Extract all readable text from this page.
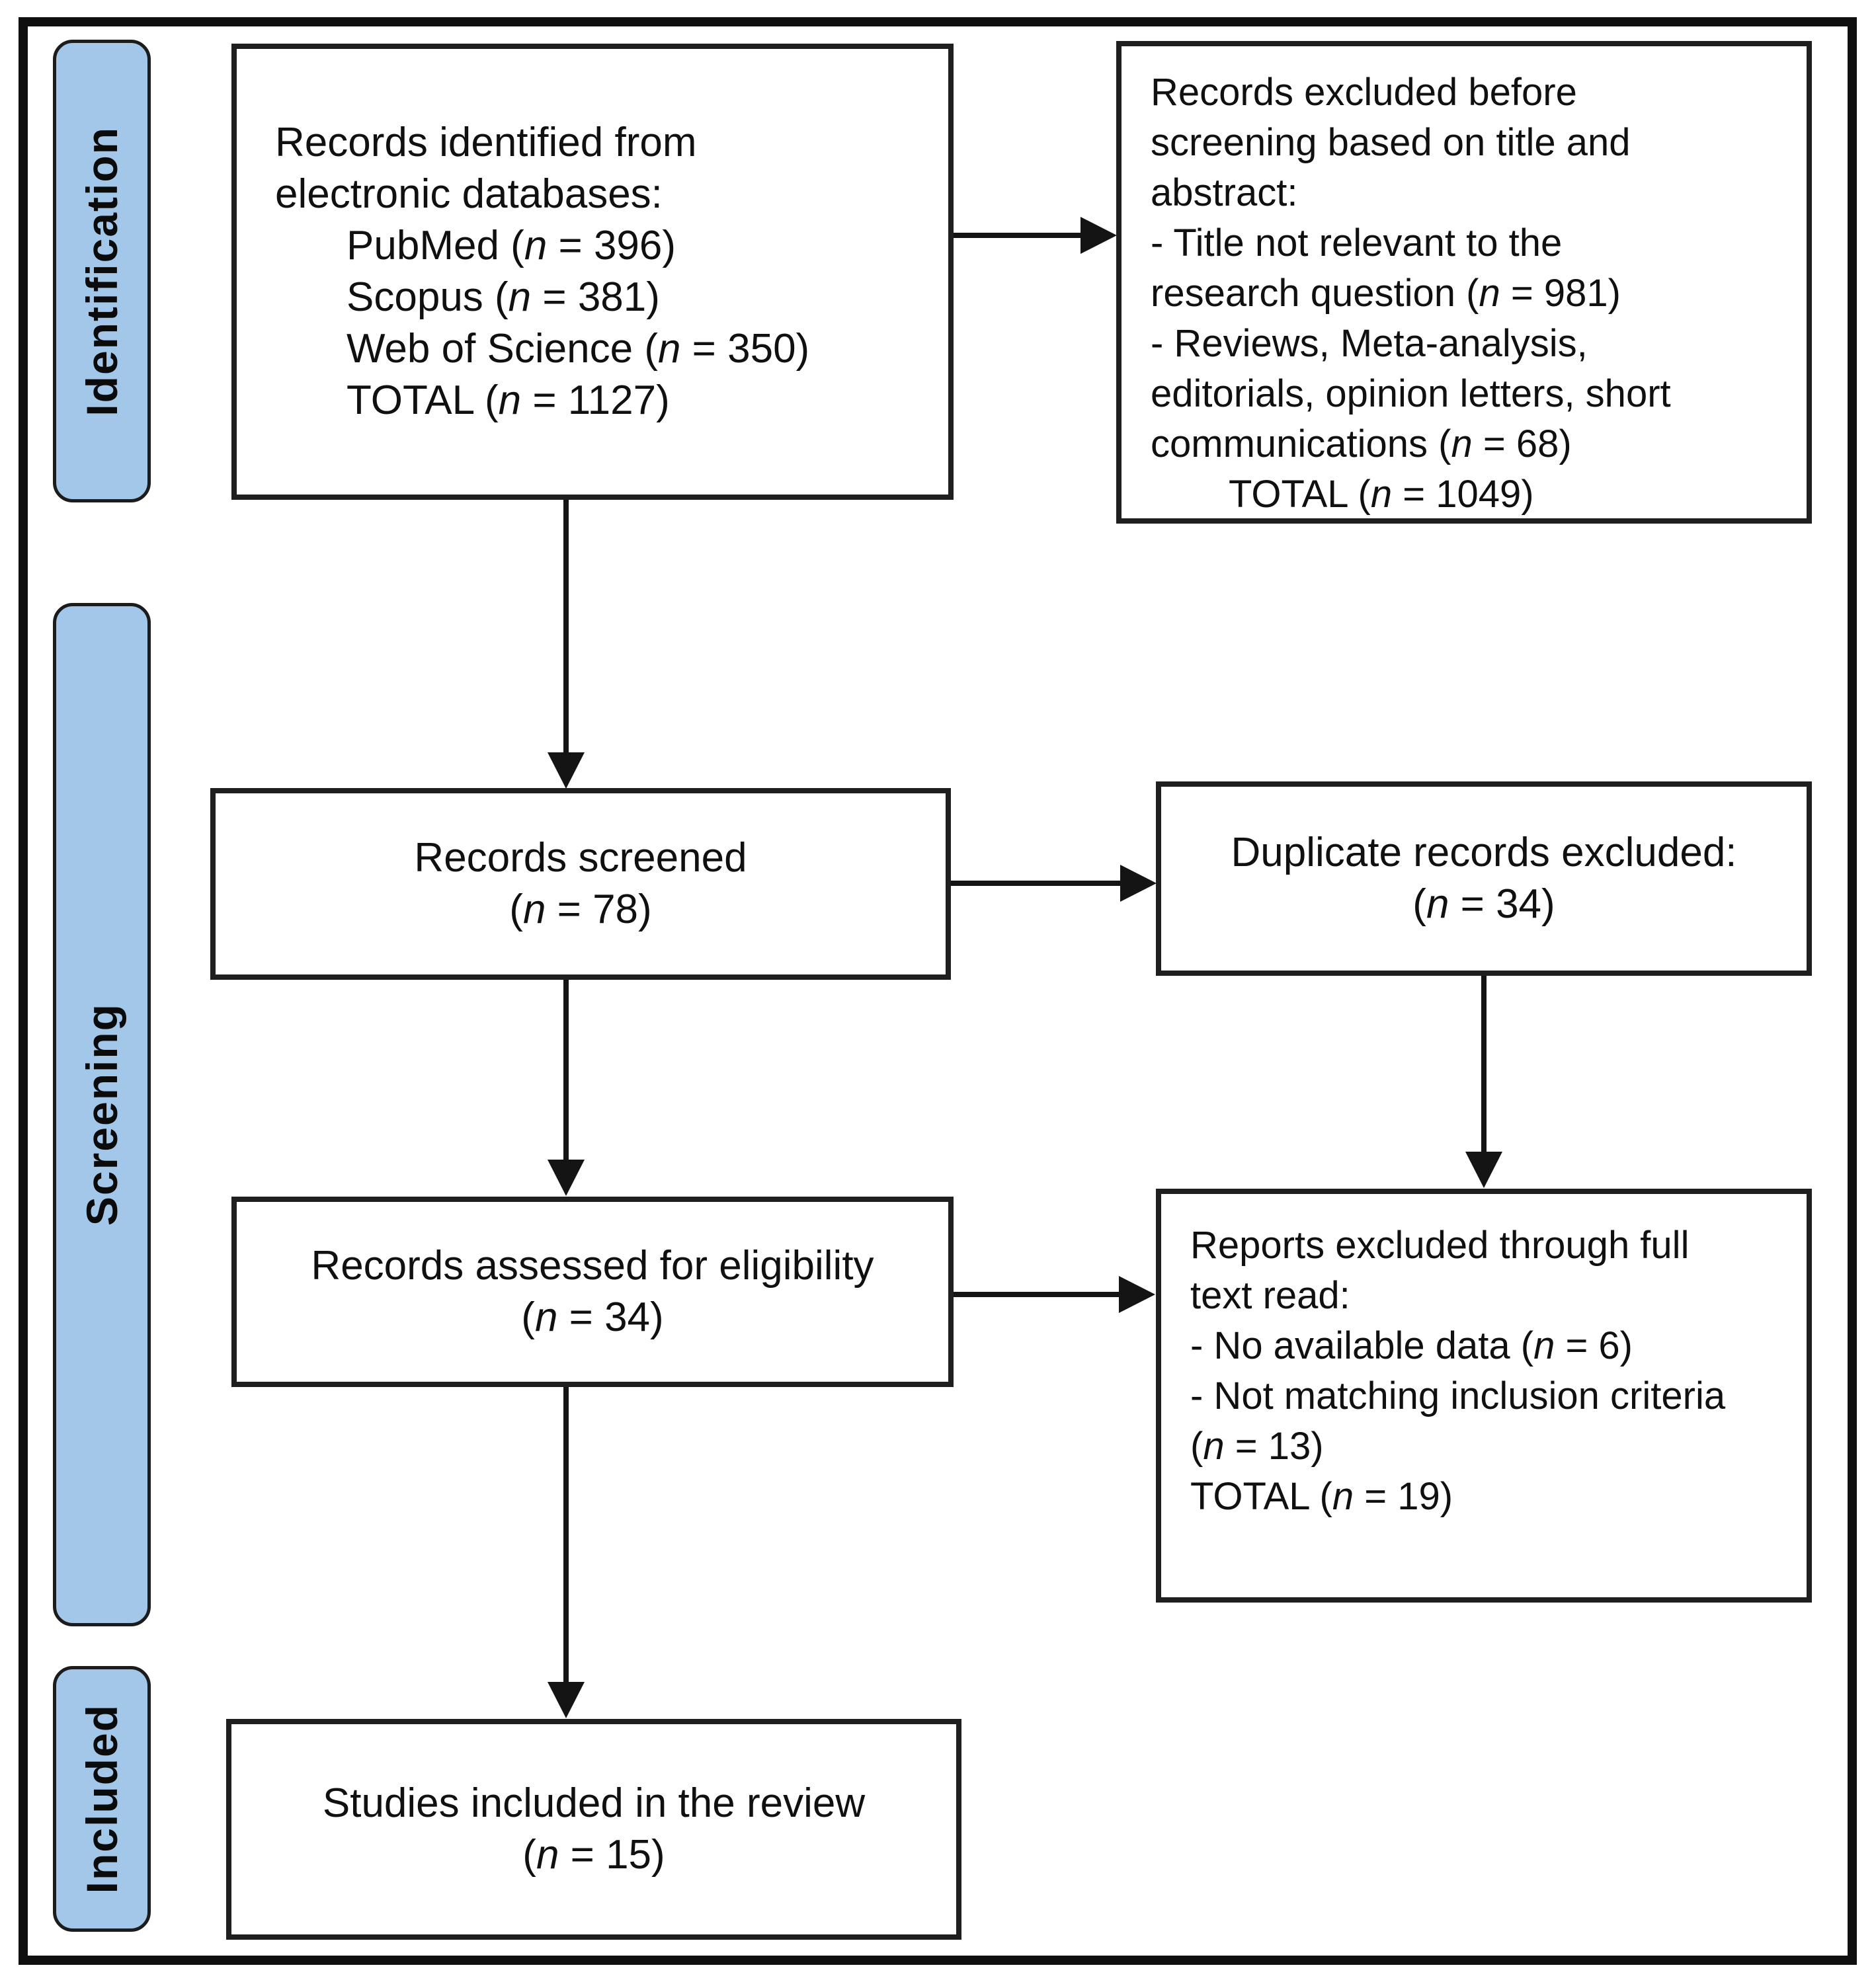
Identification
Screening
Included
Records identified from
electronic databases:
PubMed (n = 396)
Scopus (n = 381)
Web of Science (n = 350)
TOTAL (n = 1127)
Records excluded before
screening based on title and
abstract:
- Title not relevant to the
research question (n = 981)
- Reviews, Meta-analysis,
editorials, opinion letters, short
communications (n = 68)
TOTAL (n = 1049)
Records screened
(n = 78)
Duplicate records excluded:
(n = 34)
Records assessed for eligibility
(n = 34)
Reports excluded through full
text read:
- No available data (n = 6)
- Not matching inclusion criteria
(n = 13)
TOTAL (n = 19)
Studies included in the review
(n = 15)
